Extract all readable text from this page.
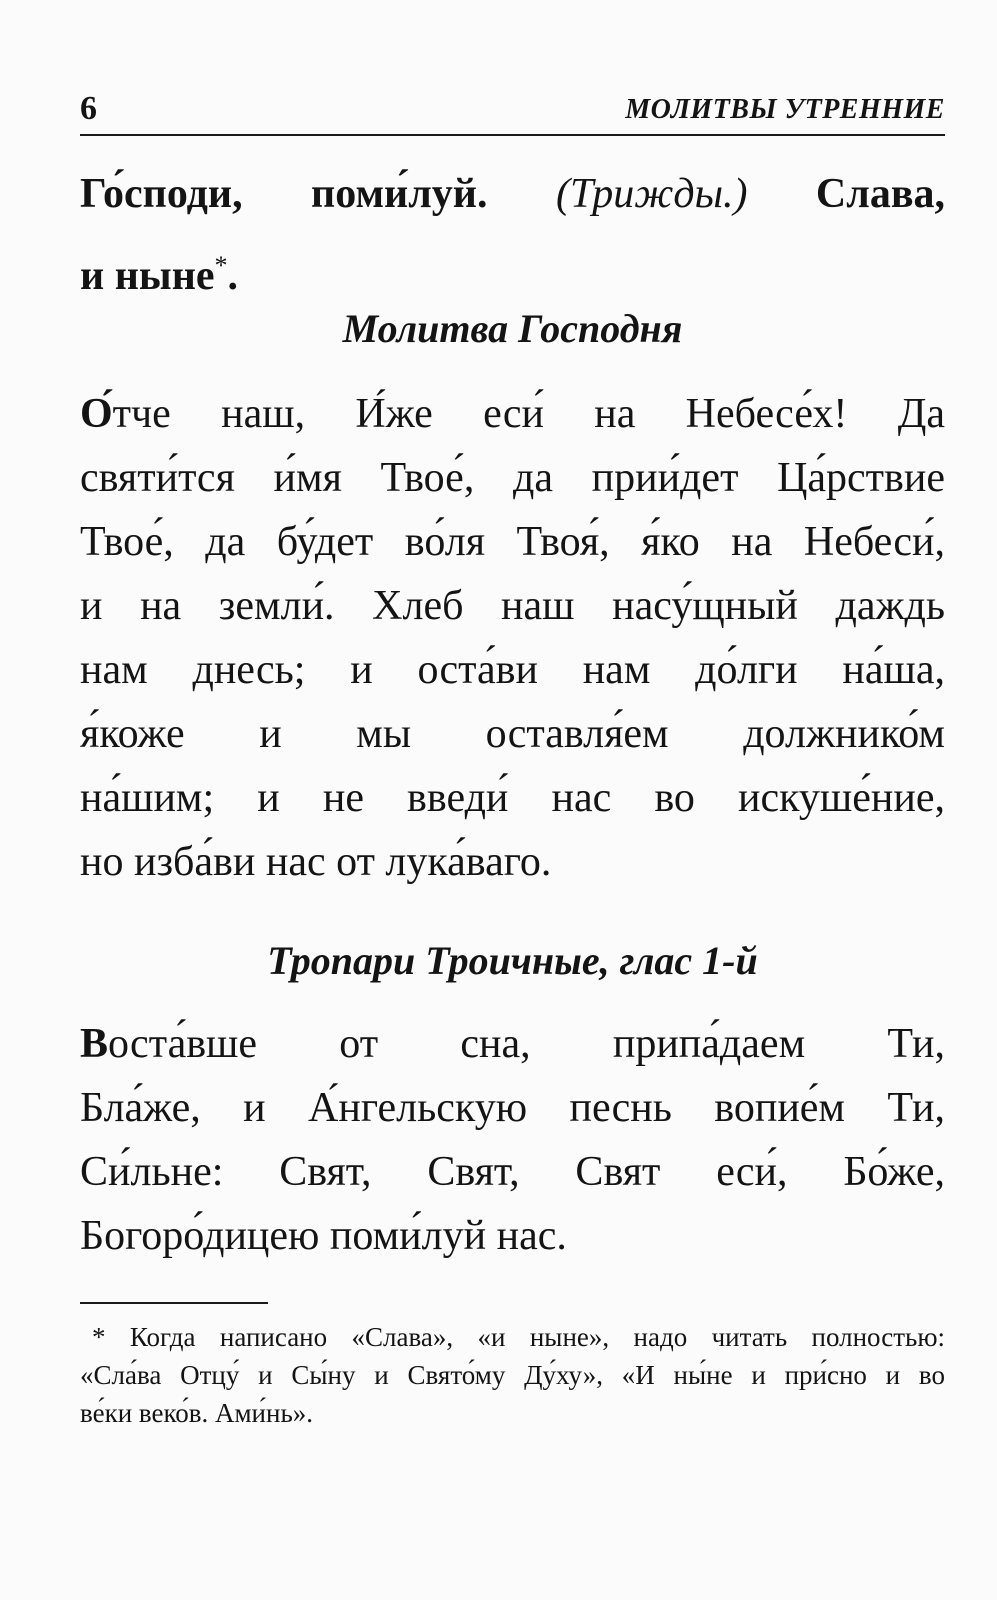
6	МОЛИТВЫ УТРЕННИЕ
Го́споди, поми́луй. (Трижды.) Слава,
и ныне*.
Молитва Господня
О́тче наш, И́же еси́ на Небесе́х! Да
святи́тся и́мя Твое́, да прии́дет Ца́рствие
Твое́, да бу́дет во́ля Твоя́, я́ко на Небеси́,
и на земли́. Хлеб наш насу́щный даждь
нам днесь; и оста́ви нам до́лги на́ша,
я́коже и мы оставля́ем должнико́м
на́шим; и не введи́ нас во искуше́ние,
но изба́ви нас от лука́ваго.
Тропари Троичные, глас 1-й
Воста́вше от сна, припа́даем Ти,
Бла́же, и А́нгельскую песнь вопие́м Ти,
Си́льне: Свят, Свят, Свят еси́, Бо́же,
Богоро́дицею поми́луй нас.
* Когда написано «Слава», «и ныне», надо читать полностью:
«Сла́ва Отцу́ и Сы́ну и Свято́му Ду́ху», «И ны́не и при́сно и во
ве́ки веко́в. Ами́нь».
